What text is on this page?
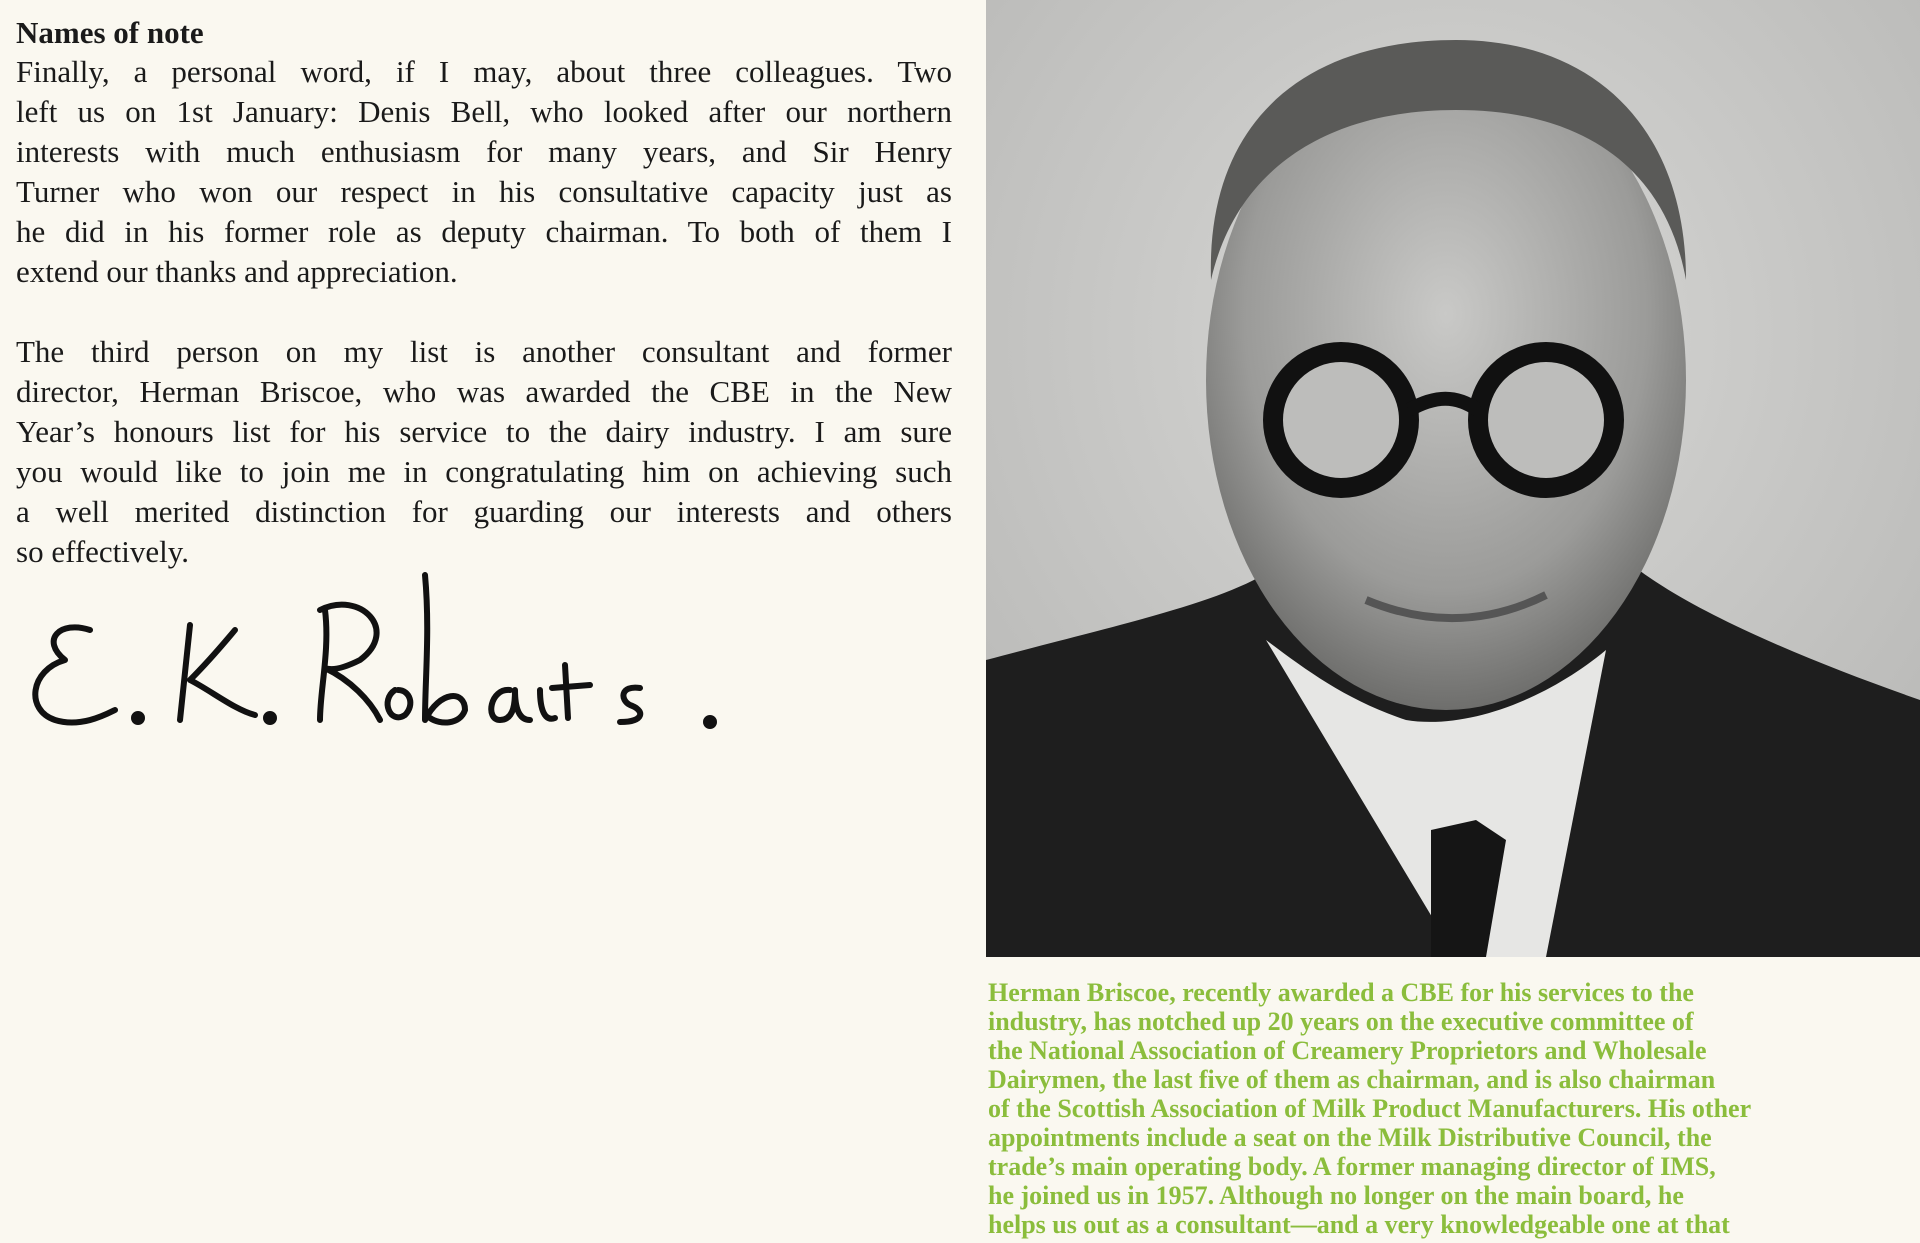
Names of note
Finally, a personal word, if I may, about three colleagues. Two
left us on 1st January: Denis Bell, who looked after our northern
interests with much enthusiasm for many years, and Sir Henry
Turner who won our respect in his consultative capacity just as
he did in his former role as deputy chairman. To both of them I
extend our thanks and appreciation.
The third person on my list is another consultant and former
director, Herman Briscoe, who was awarded the CBE in the New
Year’s honours list for his service to the dairy industry. I am sure
you would like to join me in congratulating him on achieving such
a well merited distinction for guarding our interests and others
so effectively.
Herman Briscoe, recently awarded a CBE for his services to the
industry, has notched up 20 years on the executive committee of
the National Association of Creamery Proprietors and Wholesale
Dairymen, the last five of them as chairman, and is also chairman
of the Scottish Association of Milk Product Manufacturers. His other
appointments include a seat on the Milk Distributive Council, the
trade’s main operating body. A former managing director of IMS,
he joined us in 1957. Although no longer on the main board, he
helps us out as a consultant—and a very knowledgeable one at that
